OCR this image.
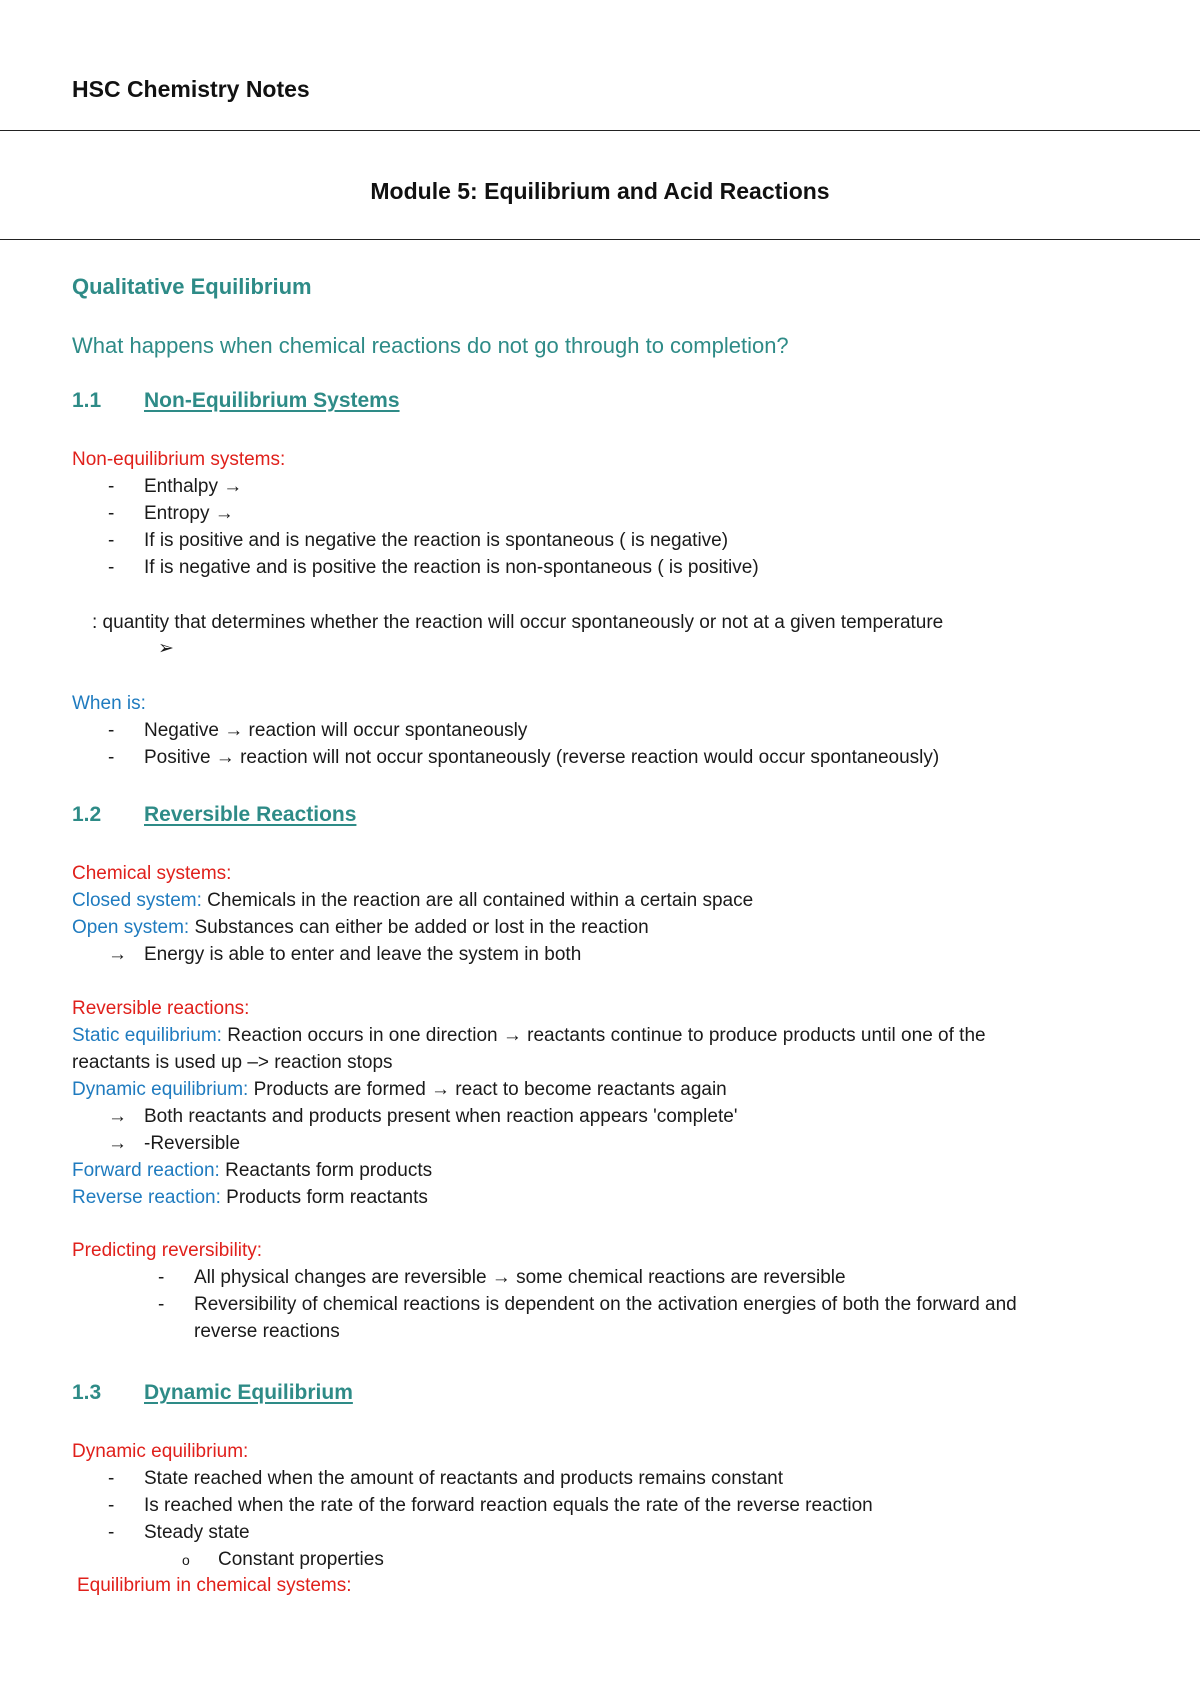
HSC Chemistry Notes
Module 5: Equilibrium and Acid Reactions
Qualitative Equilibrium
What happens when chemical reactions do not go through to completion?
1.1 Non-Equilibrium Systems
Non-equilibrium systems:
- Enthalpy →
- Entropy →
- If is positive and is negative the reaction is spontaneous ( is negative)
- If is negative and is positive the reaction is non-spontaneous ( is positive)
: quantity that determines whether the reaction will occur spontaneously or not at a given temperature
➢
When is:
- Negative → reaction will occur spontaneously
- Positive → reaction will not occur spontaneously (reverse reaction would occur spontaneously)
1.2 Reversible Reactions
Chemical systems:
Closed system: Chemicals in the reaction are all contained within a certain space
Open system: Substances can either be added or lost in the reaction
→ Energy is able to enter and leave the system in both
Reversible reactions:
Static equilibrium: Reaction occurs in one direction → reactants continue to produce products until one of the
reactants is used up –> reaction stops
Dynamic equilibrium: Products are formed → react to become reactants again
→ Both reactants and products present when reaction appears 'complete'
→ -Reversible
Forward reaction: Reactants form products
Reverse reaction: Products form reactants
Predicting reversibility:
- All physical changes are reversible → some chemical reactions are reversible
- Reversibility of chemical reactions is dependent on the activation energies of both the forward and
reverse reactions
1.3 Dynamic Equilibrium
Dynamic equilibrium:
- State reached when the amount of reactants and products remains constant
- Is reached when the rate of the forward reaction equals the rate of the reverse reaction
- Steady state
o Constant properties
Equilibrium in chemical systems:
